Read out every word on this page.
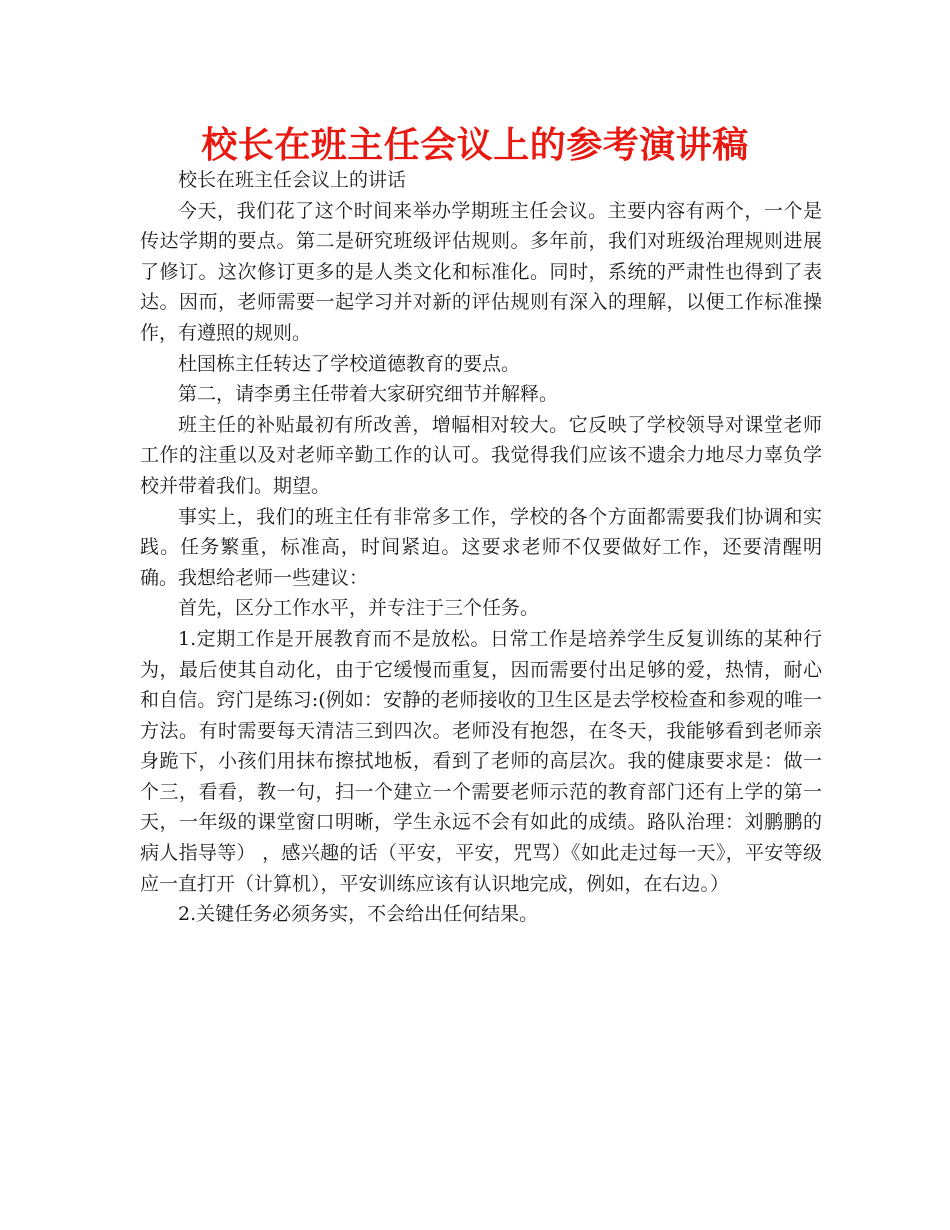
校长在班主任会议上的参考演讲稿

校长在班主任会议上的讲话

今天，我们花了这个时间来举办学期班主任会议。主要内容有两个，一个是传达学期的要点。第二是研究班级评估规则。多年前，我们对班级治理规则进展了修订。这次修订更多的是人类文化和标准化。同时，系统的严肃性也得到了表达。因而，老师需要一起学习并对新的评估规则有深入的理解，以便工作标准操作，有遵照的规则。

杜国栋主任转达了学校道德教育的要点。

第二，请李勇主任带着大家研究细节并解释。

班主任的补贴最初有所改善，增幅相对较大。它反映了学校领导对课堂老师工作的注重以及对老师辛勤工作的认可。我觉得我们应该不遗余力地尽力辜负学校并带着我们。期望。

事实上，我们的班主任有非常多工作，学校的各个方面都需要我们协调和实践。任务繁重，标准高，时间紧迫。这要求老师不仅要做好工作，还要清醒明确。我想给老师一些建议：

首先，区分工作水平，并专注于三个任务。

1.定期工作是开展教育而不是放松。日常工作是培养学生反复训练的某种行为，最后使其自动化，由于它缓慢而重复，因而需要付出足够的爱，热情，耐心和自信。窍门是练习:(例如：安静的老师接收的卫生区是去学校检查和参观的唯一方法。有时需要每天清洁三到四次。老师没有抱怨，在冬天，我能够看到老师亲身跪下，小孩们用抹布擦拭地板，看到了老师的高层次。我的健康要求是：做一个三，看看，教一句，扫一个建立一个需要老师示范的教育部门还有上学的第一天，一年级的课堂窗口明晰，学生永远不会有如此的成绩。路队治理：刘鹏鹏的病人指导等） ，感兴趣的话（平安，平安，咒骂）《如此走过每一天》，平安等级应一直打开（计算机），平安训练应该有认识地完成，例如，在右边。）

2.关键任务必须务实，不会给出任何结果。
